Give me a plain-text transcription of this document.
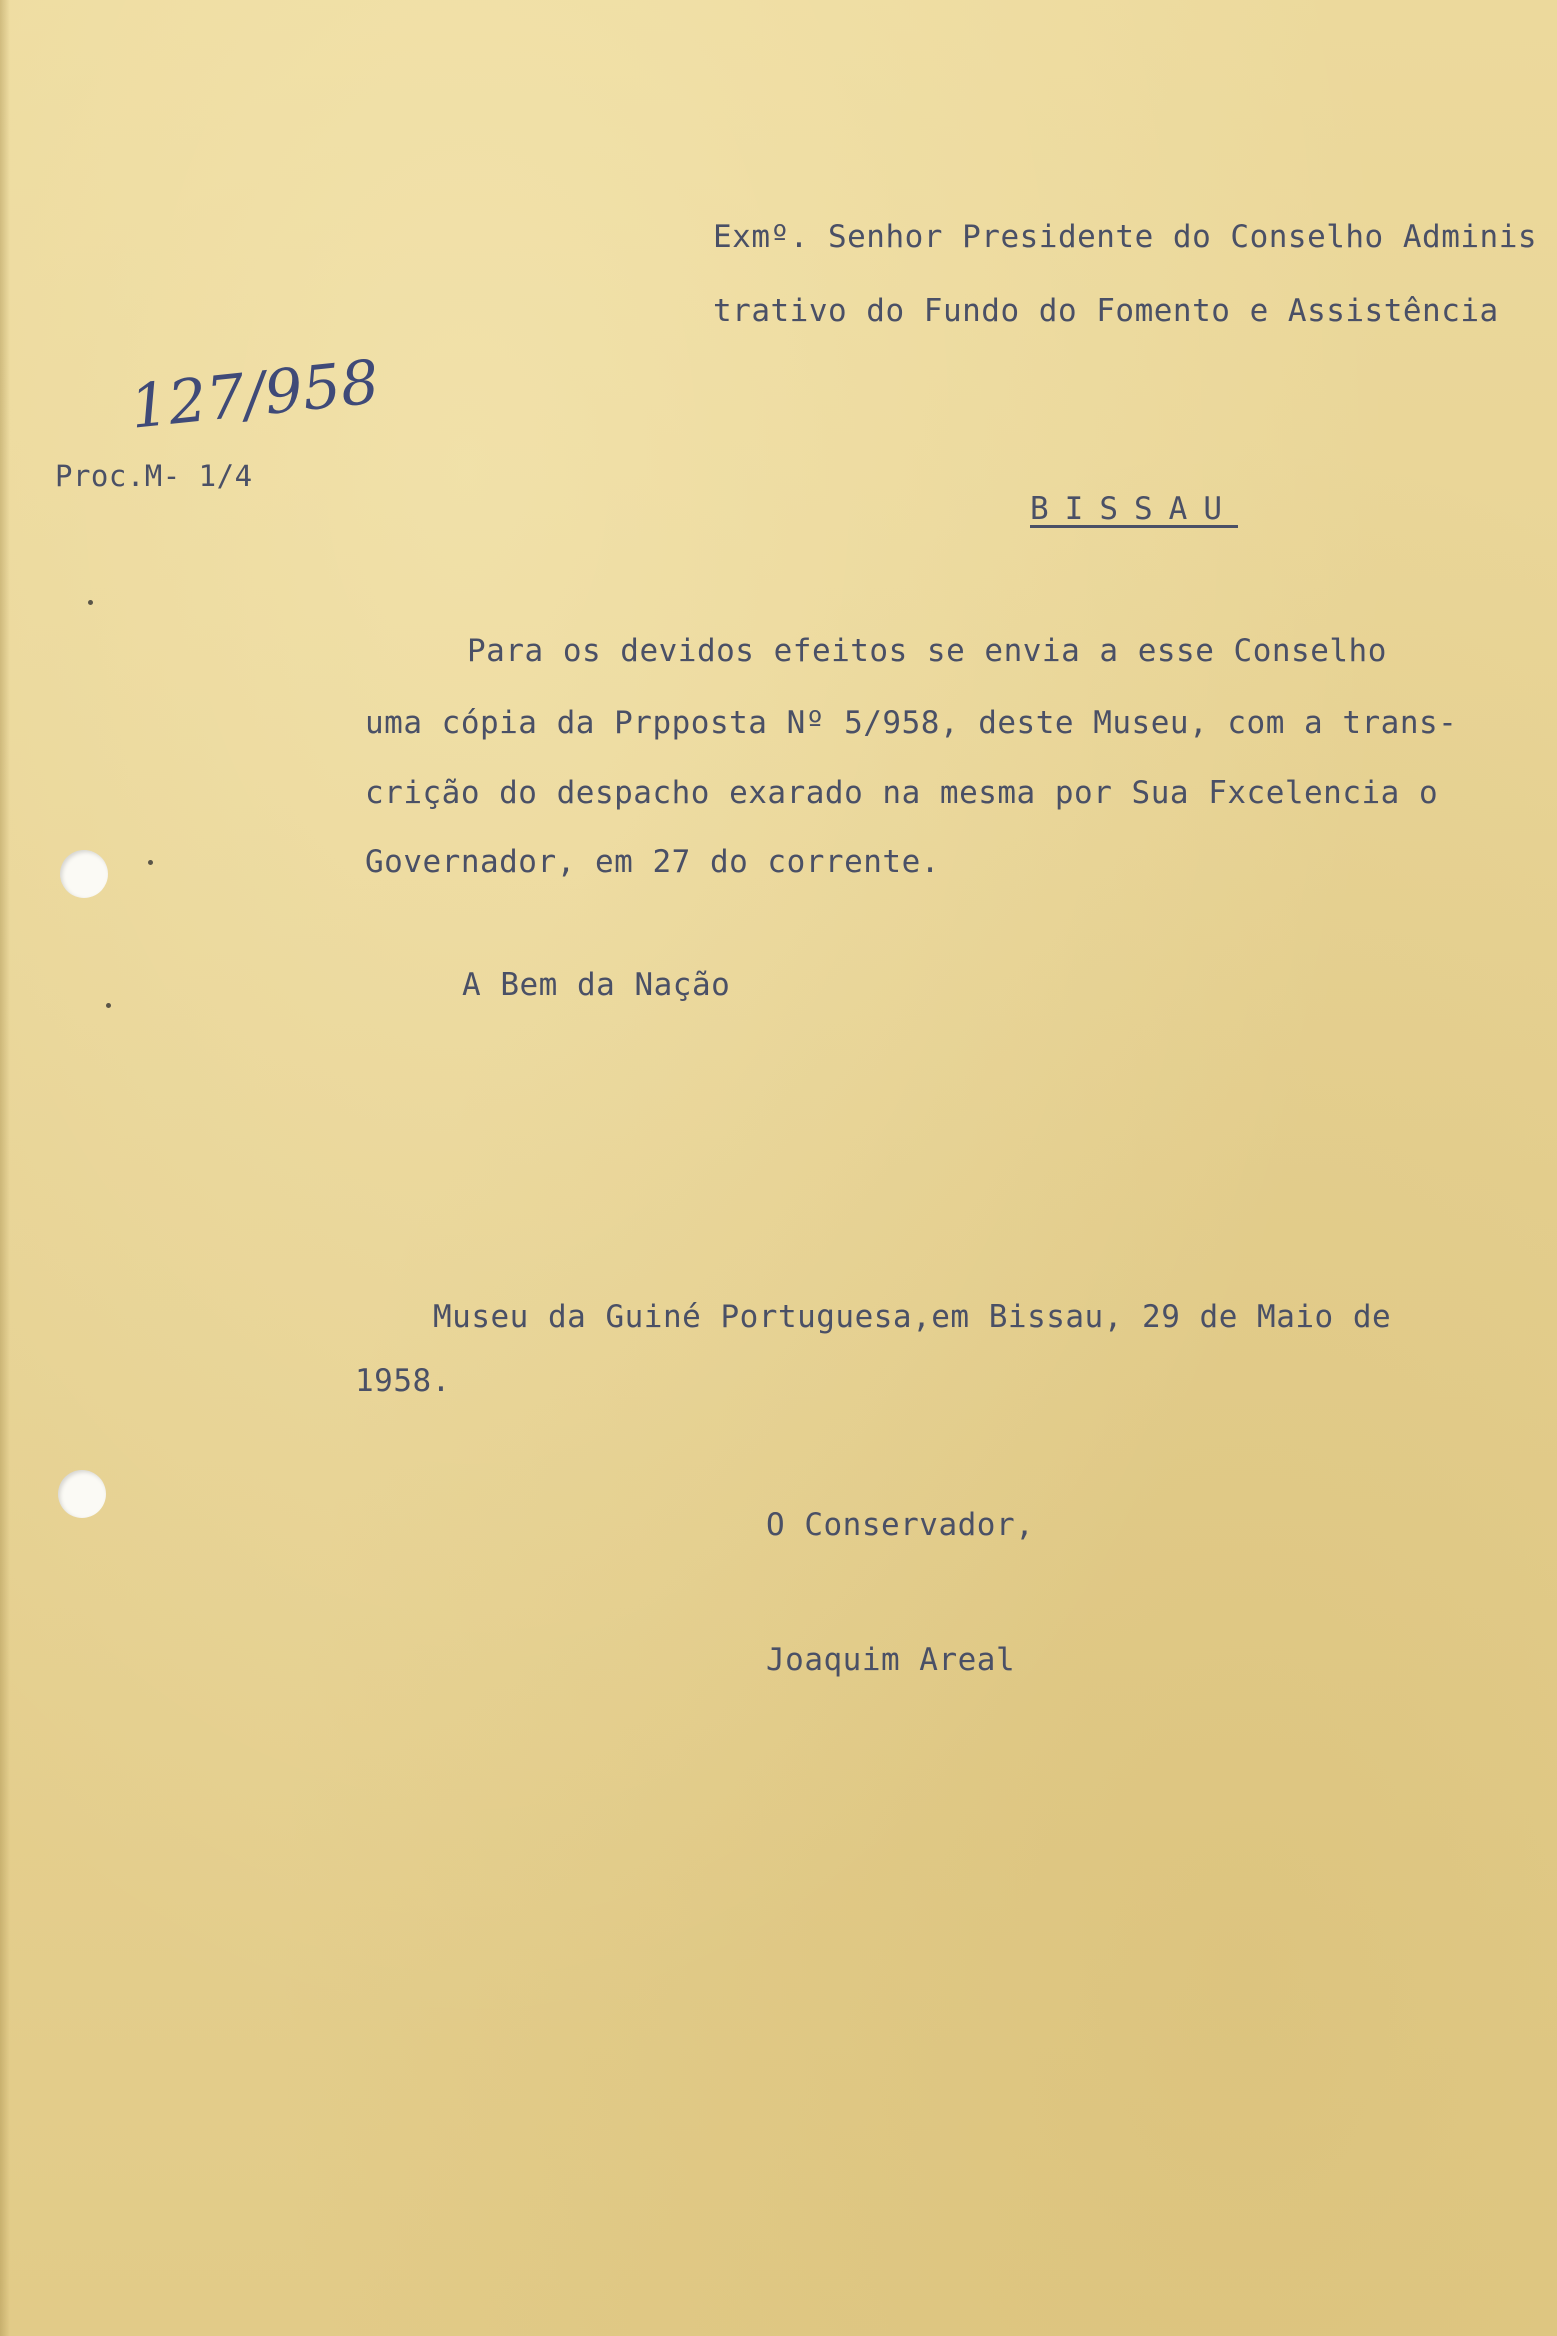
Exmº. Senhor Presidente do Conselho Adminis
trativo do Fundo do Fomento e Assistência
127/958
Proc.M- 1/4
BISSAU
Para os devidos efeitos se envia a esse Conselho
uma cópia da Prpposta Nº 5/958, deste Museu, com a trans-
crição do despacho exarado na mesma por Sua Fxcelencia o
Governador, em 27 do corrente.
A Bem da Nação
Museu da Guiné Portuguesa,em Bissau, 29 de Maio de
1958.
O Conservador,
Joaquim Areal
